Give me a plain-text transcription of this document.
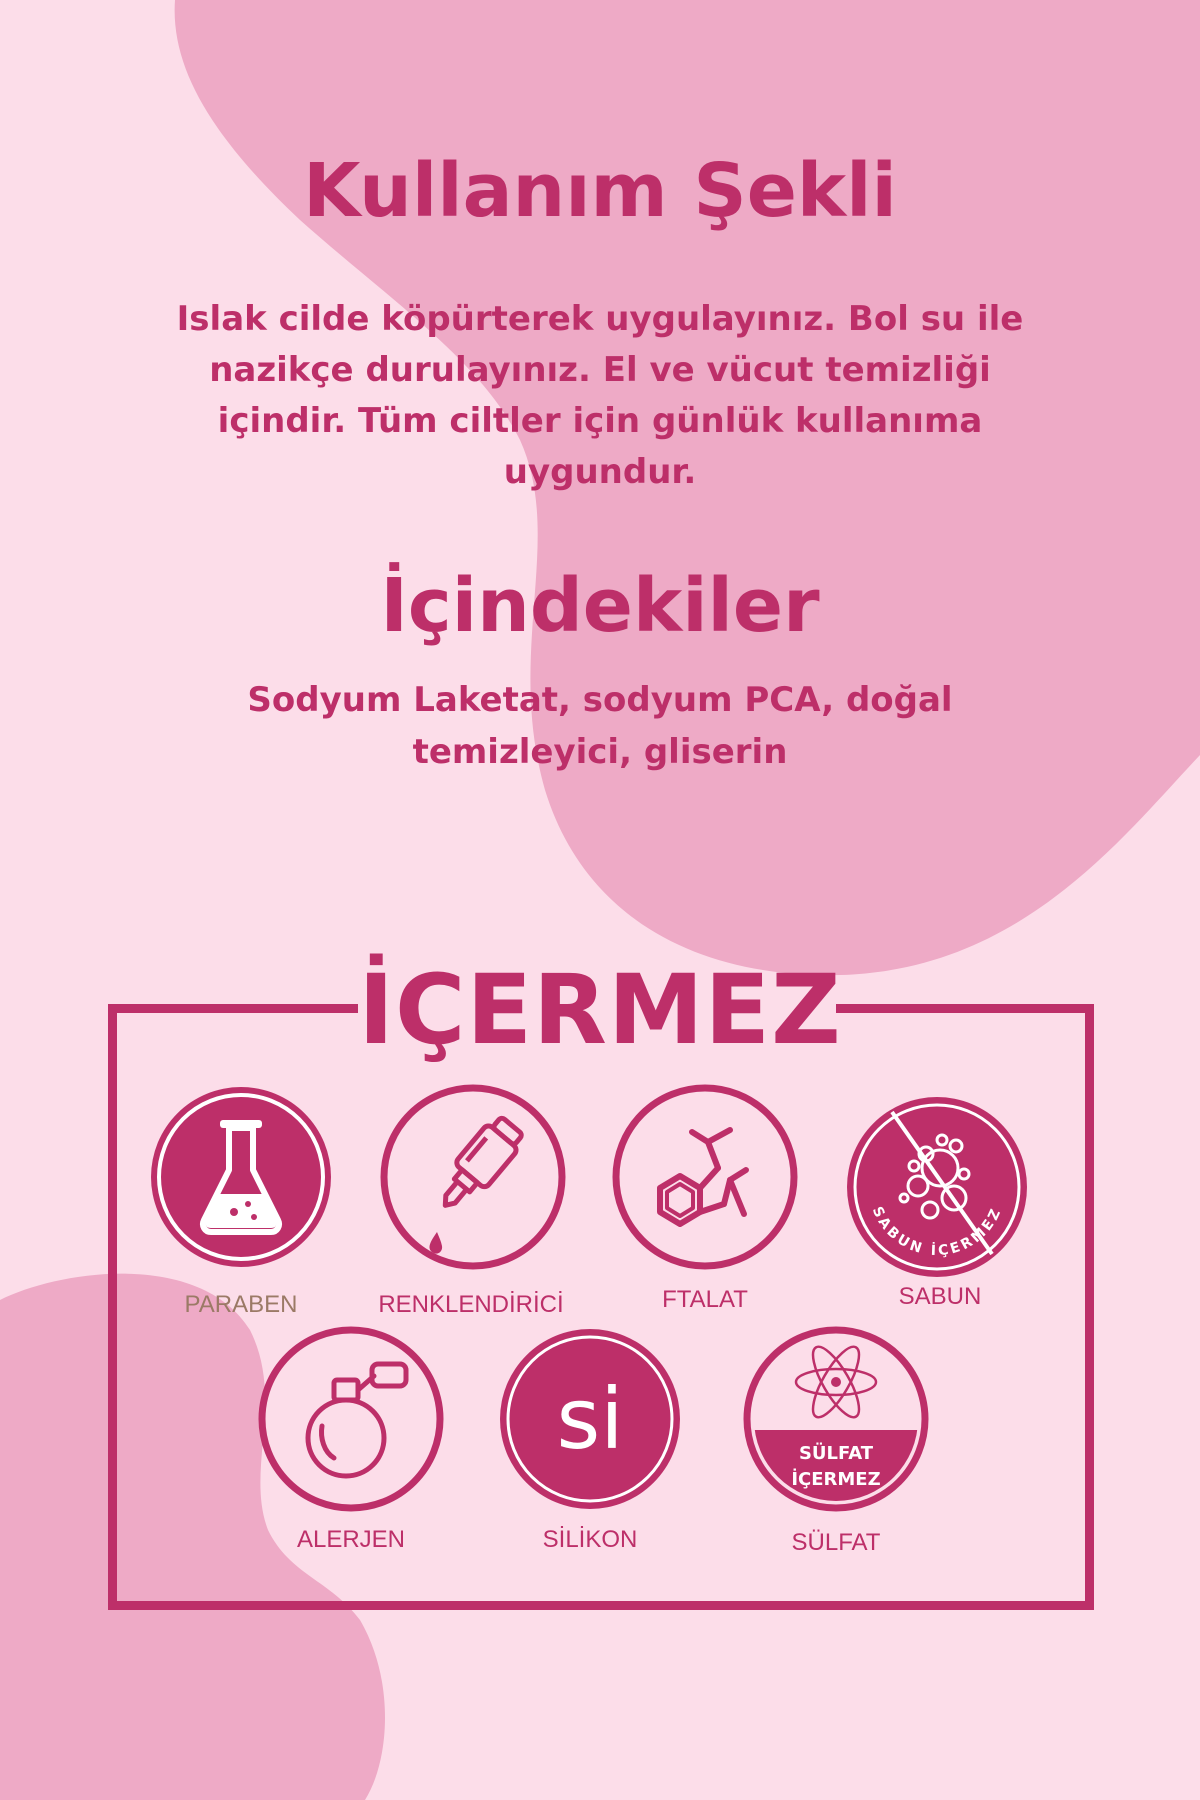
Kullanım Şekli
Islak cilde köpürterek uygulayınız. Bol su ile nazikçe durulayınız. El ve vücut temizliği içindir. Tüm ciltler için günlük kullanıma uygundur.
İçindekiler
Sodyum Laketat, sodyum PCA, doğal temizleyici, gliserin
İÇERMEZ
SABUN İÇERMEZ
si	SÜLFAT
İÇERMEZ
PARABEN	RENKLENDİRİCİ	FTALAT	SABUN
ALERJEN	SİLİKON	SÜLFAT
